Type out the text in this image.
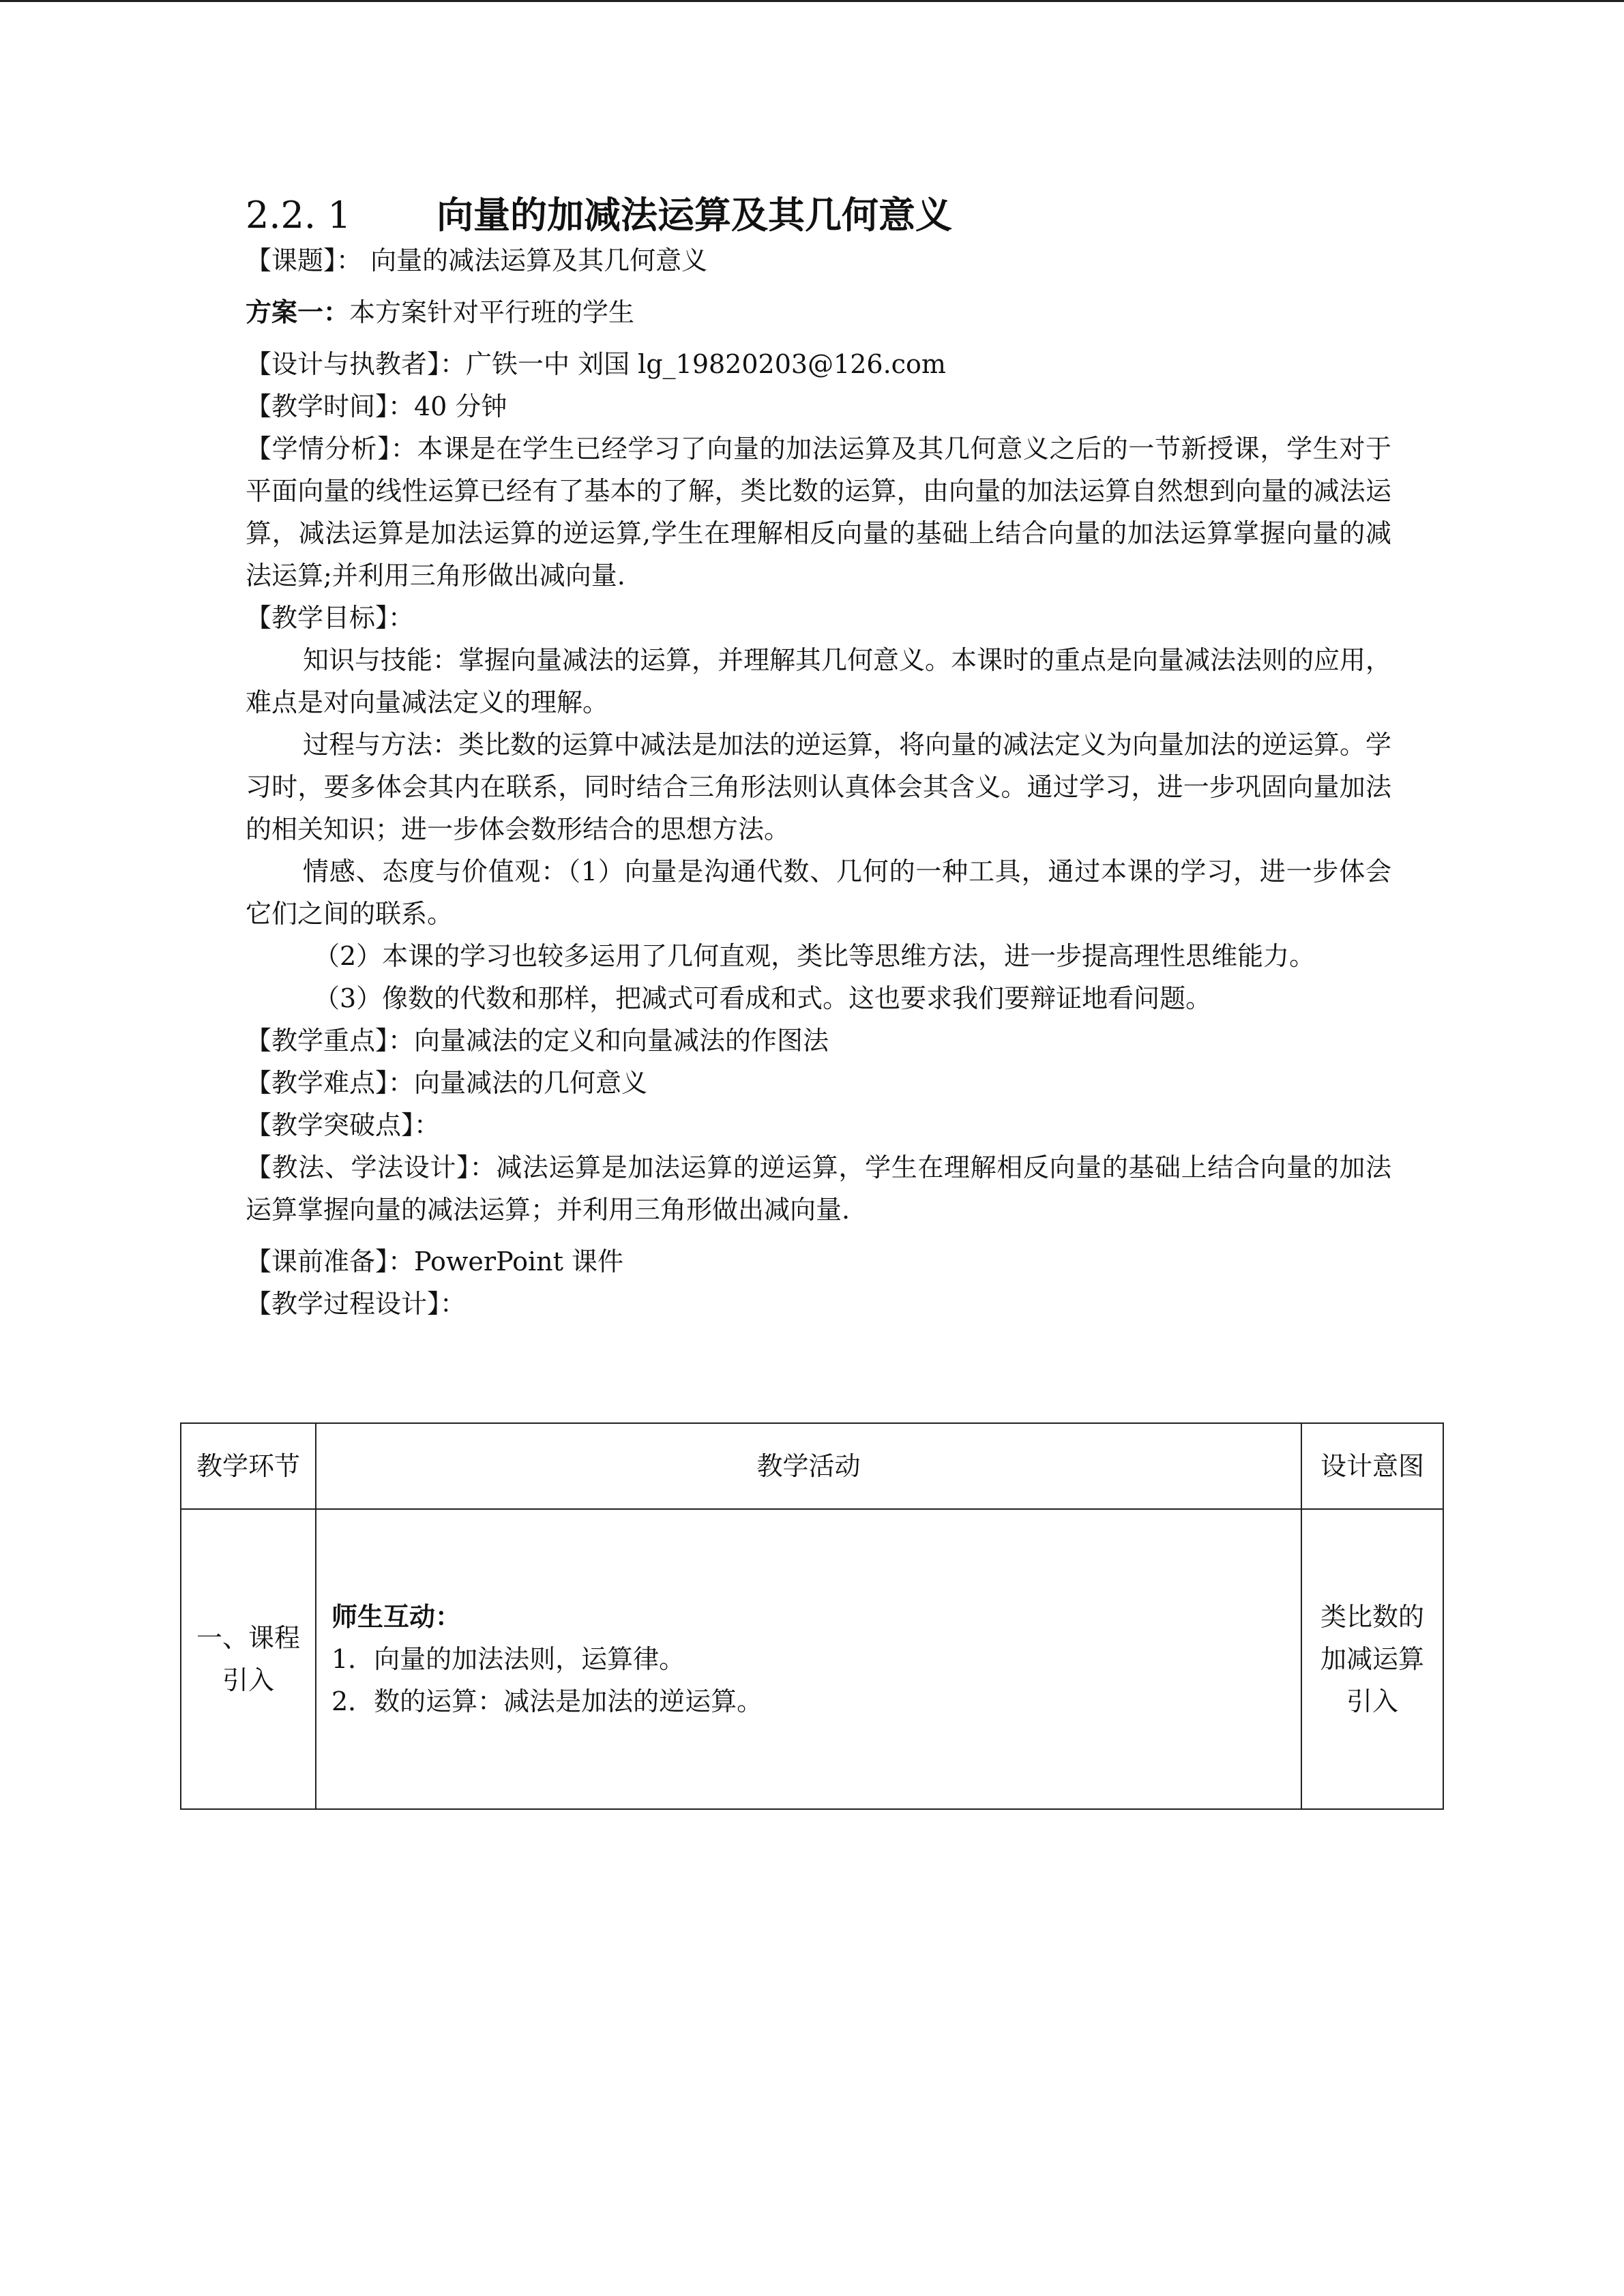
2.2. 1 向量的加减法运算及其几何意义

【课题】： 向量的减法运算及其几何意义

方案一：本方案针对平行班的学生

【设计与执教者】：广铁一中 刘国 lg_19820203@126.com

【教学时间】：40 分钟

【学情分析】：本课是在学生已经学习了向量的加法运算及其几何意义之后的一节新授课，学生对于平面向量的线性运算已经有了基本的了解，类比数的运算，由向量的加法运算自然想到向量的减法运算，减法运算是加法运算的逆运算,学生在理解相反向量的基础上结合向量的加法运算掌握向量的减法运算;并利用三角形做出减向量.

【教学目标】：

知识与技能：掌握向量减法的运算，并理解其几何意义。本课时的重点是向量减法法则的应用，难点是对向量减法定义的理解。

过程与方法：类比数的运算中减法是加法的逆运算，将向量的减法定义为向量加法的逆运算。学习时，要多体会其内在联系，同时结合三角形法则认真体会其含义。通过学习，进一步巩固向量加法的相关知识；进一步体会数形结合的思想方法。

情感、态度与价值观：（1）向量是沟通代数、几何的一种工具，通过本课的学习，进一步体会它们之间的联系。

（2）本课的学习也较多运用了几何直观，类比等思维方法，进一步提高理性思维能力。

（3）像数的代数和那样，把减式可看成和式。这也要求我们要辩证地看问题。

【教学重点】：向量减法的定义和向量减法的作图法

【教学难点】：向量减法的几何意义

【教学突破点】：

【教法、学法设计】：减法运算是加法运算的逆运算，学生在理解相反向量的基础上结合向量的加法运算掌握向量的减法运算；并利用三角形做出减向量.

【课前准备】：PowerPoint 课件

【教学过程设计】：

教学环节	教学活动	设计意图

一、课程引入	师生互动：
1．向量的加法法则，运算律。
2．数的运算：减法是加法的逆运算。	类比数的加减运算引入
